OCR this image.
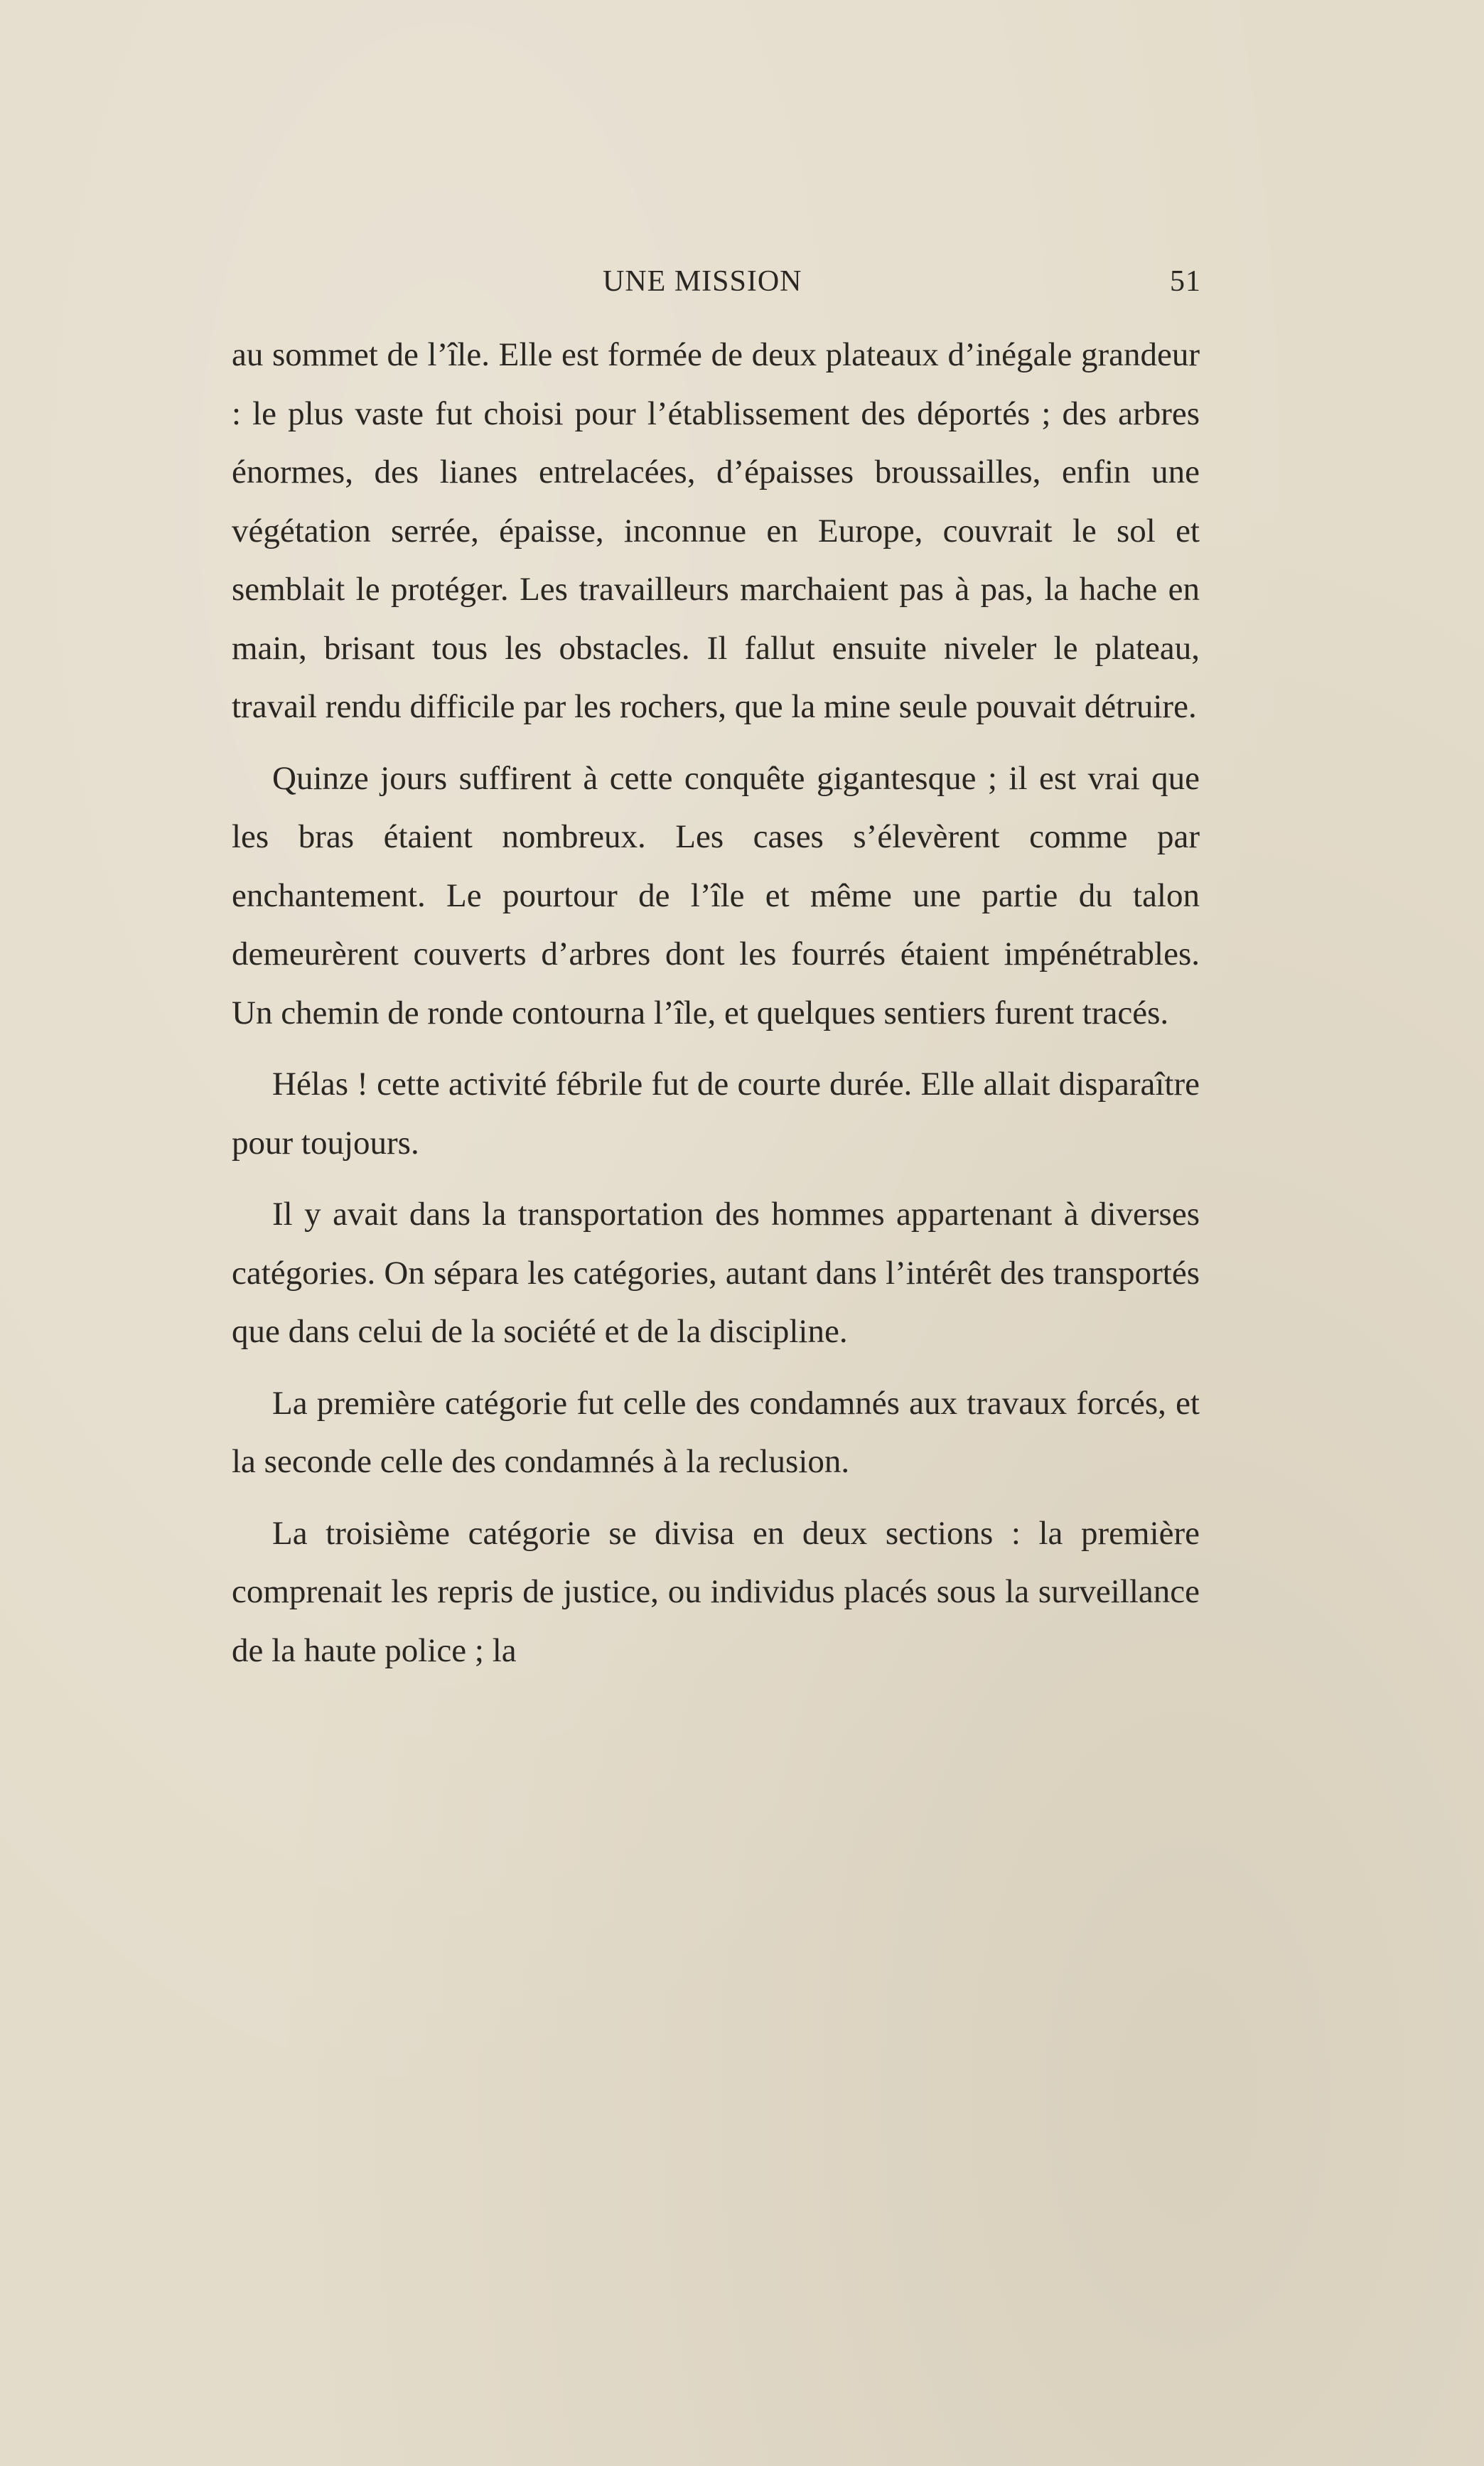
UNE MISSION	51

au sommet de l’île. Elle est formée de deux plateaux d’inégale grandeur : le plus vaste fut choisi pour l’établissement des déportés ; des arbres énormes, des lianes entrelacées, d’épaisses broussailles, enfin une végétation serrée, épaisse, inconnue en Europe, couvrait le sol et semblait le protéger. Les travailleurs marchaient pas à pas, la hache en main, brisant tous les obstacles. Il fallut ensuite niveler le plateau, travail rendu difficile par les rochers, que la mine seule pouvait détruire.

Quinze jours suffirent à cette conquête gigantesque ; il est vrai que les bras étaient nombreux. Les cases s’élevèrent comme par enchantement. Le pourtour de l’île et même une partie du talon demeurèrent couverts d’arbres dont les fourrés étaient impénétrables. Un chemin de ronde contourna l’île, et quelques sentiers furent tracés.

Hélas ! cette activité fébrile fut de courte durée. Elle allait disparaître pour toujours.

Il y avait dans la transportation des hommes appartenant à diverses catégories. On sépara les catégories, autant dans l’intérêt des transportés que dans celui de la société et de la discipline.

La première catégorie fut celle des condamnés aux travaux forcés, et la seconde celle des condamnés à la reclusion.

La troisième catégorie se divisa en deux sections : la première comprenait les repris de justice, ou individus placés sous la surveillance de la haute police ; la
